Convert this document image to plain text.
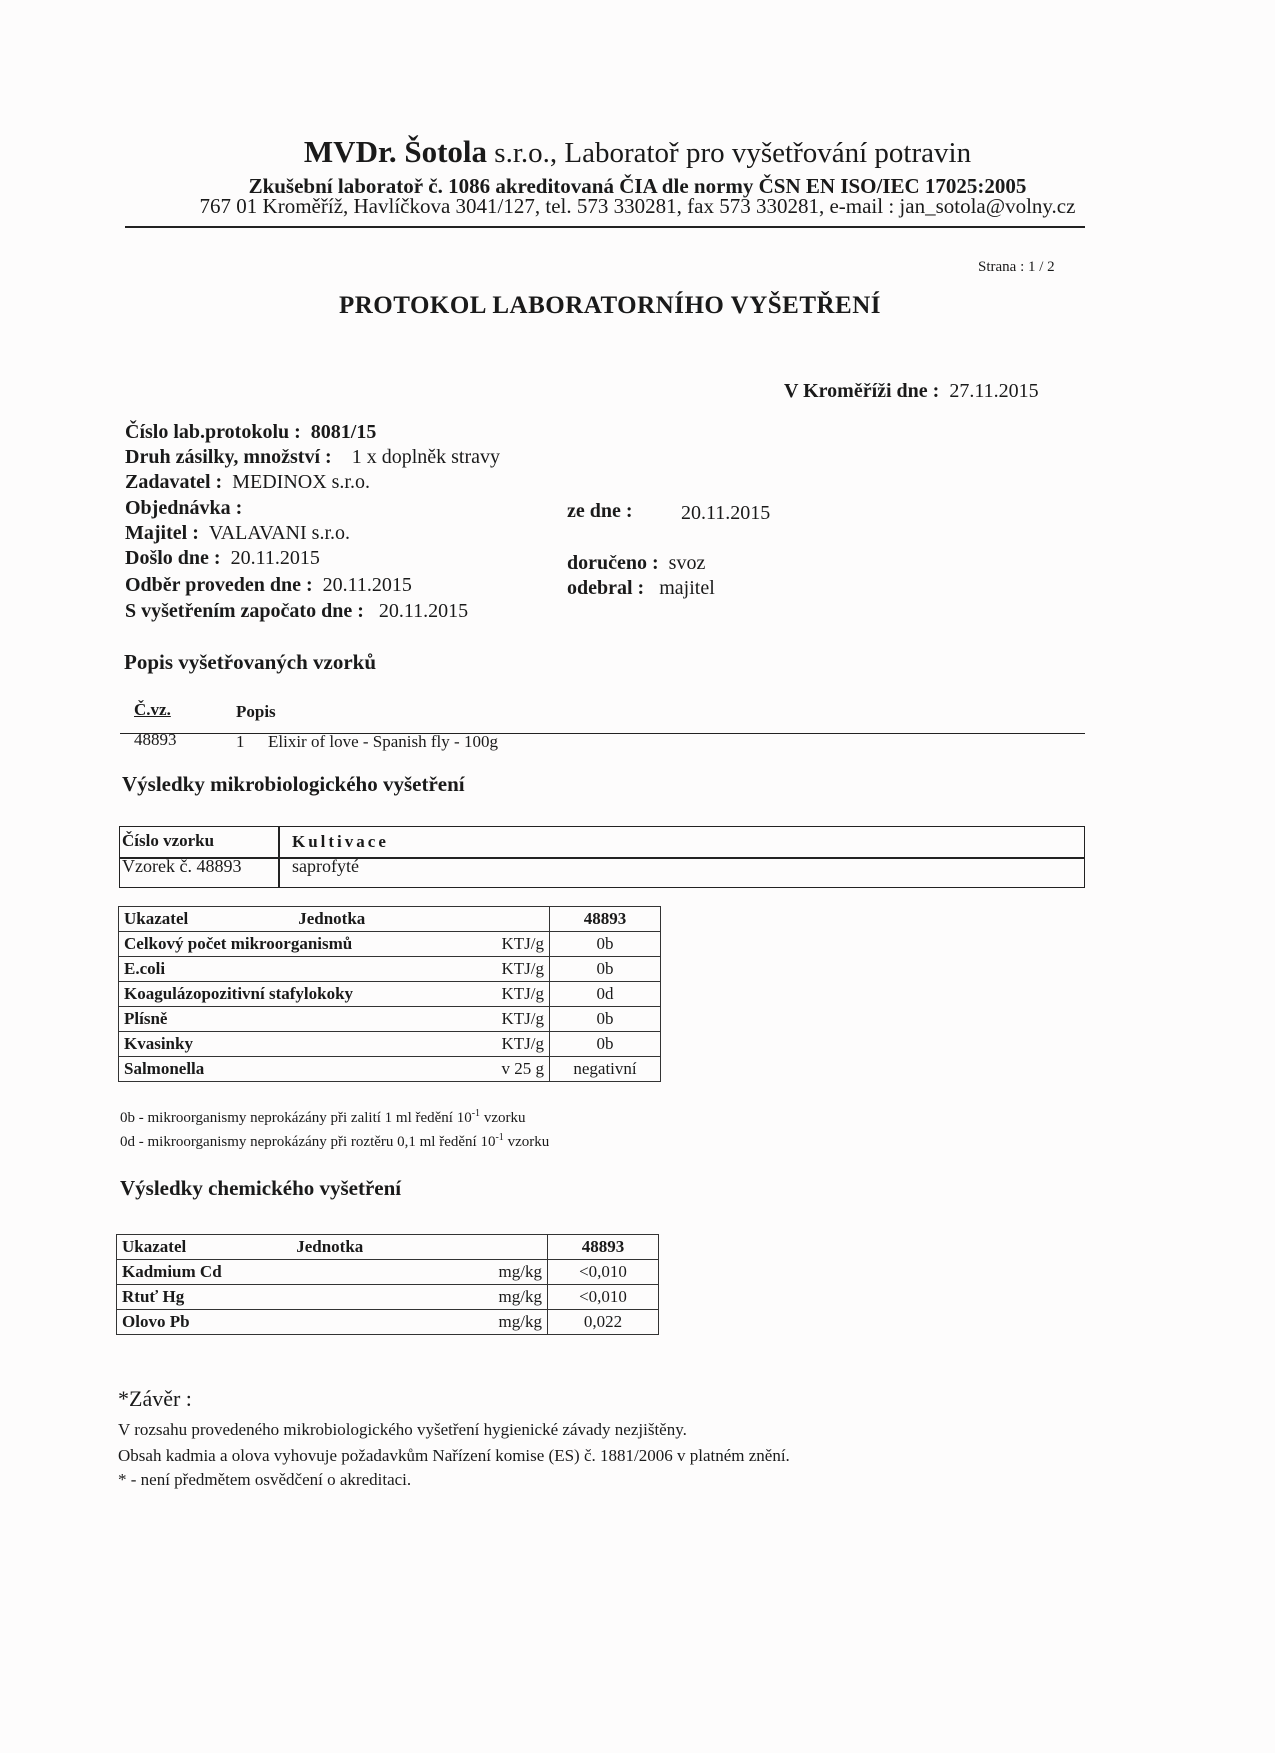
MVDr. Šotola s.r.o., Laboratoř pro vyšetřování potravin
Zkušební laboratoř č. 1086 akreditovaná ČIA dle normy ČSN EN ISO/IEC 17025:2005
767 01 Kroměříž, Havlíčkova 3041/127, tel. 573 330281, fax 573 330281, e-mail : jan_sotola@volny.cz
Strana : 1 / 2
PROTOKOL LABORATORNÍHO VYŠETŘENÍ
V Kroměříži dne : 27.11.2015
Číslo lab.protokolu : 8081/15
Druh zásilky, množství : 1 x doplněk stravy
Zadavatel : MEDINOX s.r.o.
Objednávka :	ze dne : 20.11.2015
Majitel : VALAVANI s.r.o.
Došlo dne : 20.11.2015	doručeno : svoz
Odběr proveden dne : 20.11.2015	odebral : majitel
S vyšetřením započato dne : 20.11.2015
Popis vyšetřovaných vzorků
Č.vz.	Popis
48893	1 Elixir of love - Spanish fly - 100g
Výsledky mikrobiologického vyšetření
Číslo vzorku	Kultivace
Vzorek č. 48893	saprofyté
Ukazatel Jednotka		48893
Celkový počet mikroorganismů	KTJ/g	0b
E.coli	KTJ/g	0b
Koagulázopozitivní stafylokoky	KTJ/g	0d
Plísně	KTJ/g	0b
Kvasinky	KTJ/g	0b
Salmonella	v 25 g	negativní
0b - mikroorganismy neprokázány při zalití 1 ml ředění $10^{-1}$ vzorku
0d - mikroorganismy neprokázány při roztěru 0,1 ml ředění $10^{-1}$ vzorku
Výsledky chemického vyšetření
Ukazatel Jednotka		48893
Kadmium Cd	mg/kg	<0,010
Rtuť Hg	mg/kg	<0,010
Olovo Pb	mg/kg	0,022
*Závěr :
V rozsahu provedeného mikrobiologického vyšetření hygienické závady nezjištěny.
Obsah kadmia a olova vyhovuje požadavkům Nařízení komise (ES) č. 1881/2006 v platném znění.
* - není předmětem osvědčení o akreditaci.
